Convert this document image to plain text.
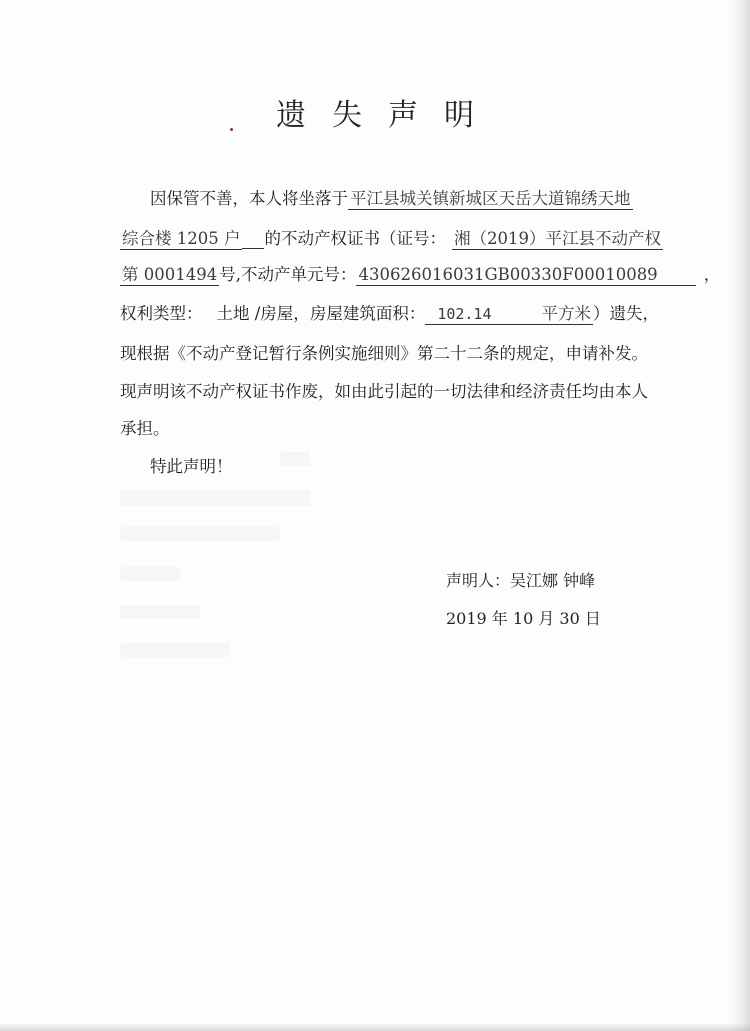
遗失声明
因保管不善，本人将坐落于 平江县城关镇新城区天岳大道锦绣天地
综合楼 1205 户 的不动产权证书（证号： 湘（2019）平江县不动产权
第 0001494 号,不动产单元号： 430626016031GB00330F00010089	，
权利类型： 土地 /房屋，房屋建筑面积： 102.14	平方米 ）遗失，
现根据《不动产登记暂行条例实施细则》第二十二条的规定，申请补发。
现声明该不动产权证书作废，如由此引起的一切法律和经济责任均由本人
承担。
特此声明！
声明人：吴江娜 钟峰
2019 年 10 月 30 日
